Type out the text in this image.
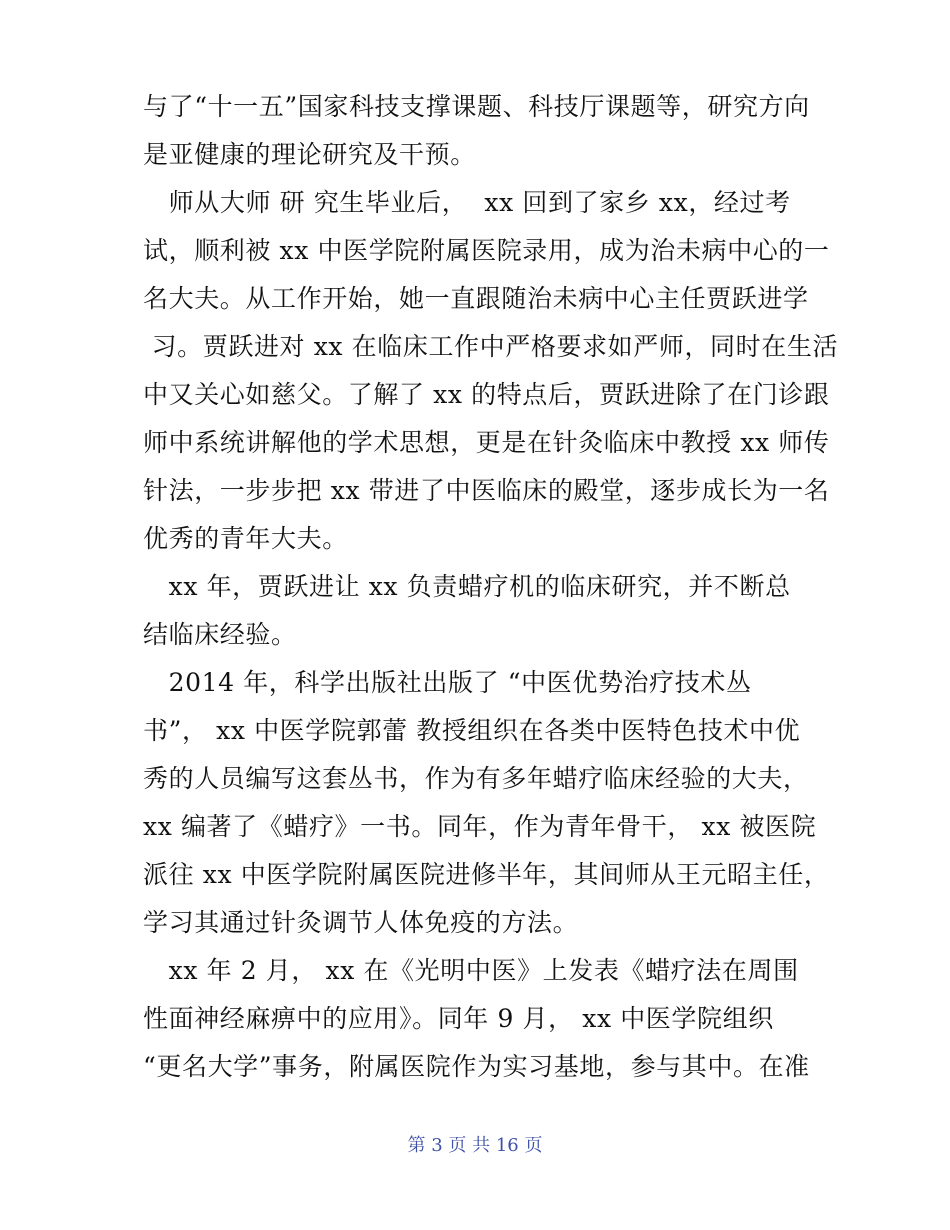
与了“十一五”国家科技支撑课题、科技厅课题等，研究方向
是亚健康的理论研究及干预。
师从大师 研 究生毕业后，  xx 回到了家乡 xx，经过考
试，顺利被 xx 中医学院附属医院录用，成为治未病中心的一
名大夫。从工作开始，她一直跟随治未病中心主任贾跃进学
习。贾跃进对 xx 在临床工作中严格要求如严师，同时在生活
中又关心如慈父。了解了 xx 的特点后，贾跃进除了在门诊跟
师中系统讲解他的学术思想，更是在针灸临床中教授 xx 师传
针法，一步步把 xx 带进了中医临床的殿堂，逐步成长为一名
优秀的青年大夫。
xx 年，贾跃进让 xx 负责蜡疗机的临床研究，并不断总
结临床经验。
2014 年，科学出版社出版了 “中医优势治疗技术丛
书”， xx 中医学院郭蕾 教授组织在各类中医特色技术中优
秀的人员编写这套丛书，作为有多年蜡疗临床经验的大夫，
xx 编著了《蜡疗》一书。同年，作为青年骨干， xx 被医院
派往 xx 中医学院附属医院进修半年，其间师从王元昭主任，
学习其通过针灸调节人体免疫的方法。
xx 年 2 月， xx 在《光明中医》上发表《蜡疗法在周围
性面神经麻痹中的应用》。同年 9 月， xx 中医学院组织
“更名大学”事务，附属医院作为实习基地，参与其中。在准
第 3 页 共 16 页
